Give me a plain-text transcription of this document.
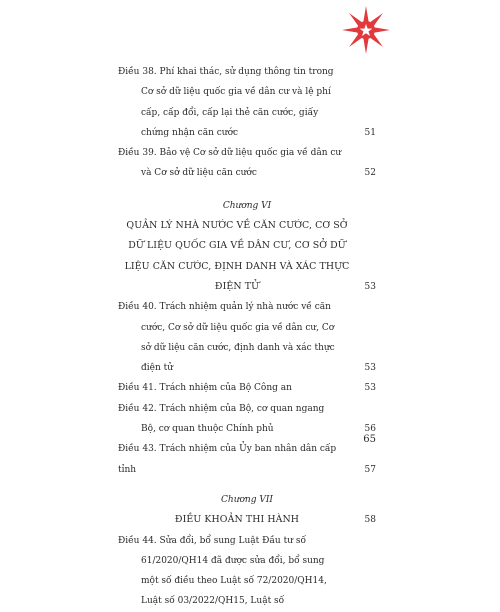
Điều 38. Phí khai thác, sử dụng thông tin trong Cơ sở dữ liệu quốc gia về dân cư và lệ phí cấp, cấp đổi, cấp lại thẻ căn cước, giấy chứng nhận căn cước	51
Điều 39. Bảo vệ Cơ sở dữ liệu quốc gia về dân cư và Cơ sở dữ liệu căn cước	52
Chương VI
QUẢN LÝ NHÀ NƯỚC VỀ CĂN CƯỚC, CƠ SỞ DỮ LIỆU QUỐC GIA VỀ DÂN CƯ, CƠ SỞ DỮ LIỆU CĂN CƯỚC, ĐỊNH DANH VÀ XÁC THỰC ĐIỆN TỬ	53
Điều 40. Trách nhiệm quản lý nhà nước về căn cước, Cơ sở dữ liệu quốc gia về dân cư, Cơ sở dữ liệu căn cước, định danh và xác thực điện tử	53
Điều 41. Trách nhiệm của Bộ Công an	53
Điều 42. Trách nhiệm của Bộ, cơ quan ngang Bộ, cơ quan thuộc Chính phủ	56
Điều 43. Trách nhiệm của Ủy ban nhân dân cấp tỉnh	57
Chương VII
ĐIỀU KHOẢN THI HÀNH	58
Điều 44. Sửa đổi, bổ sung Luật Đầu tư số 61/2020/QH14 đã được sửa đổi, bổ sung một số điều theo Luật số 72/2020/QH14, Luật số 03/2022/QH15, Luật số
65
